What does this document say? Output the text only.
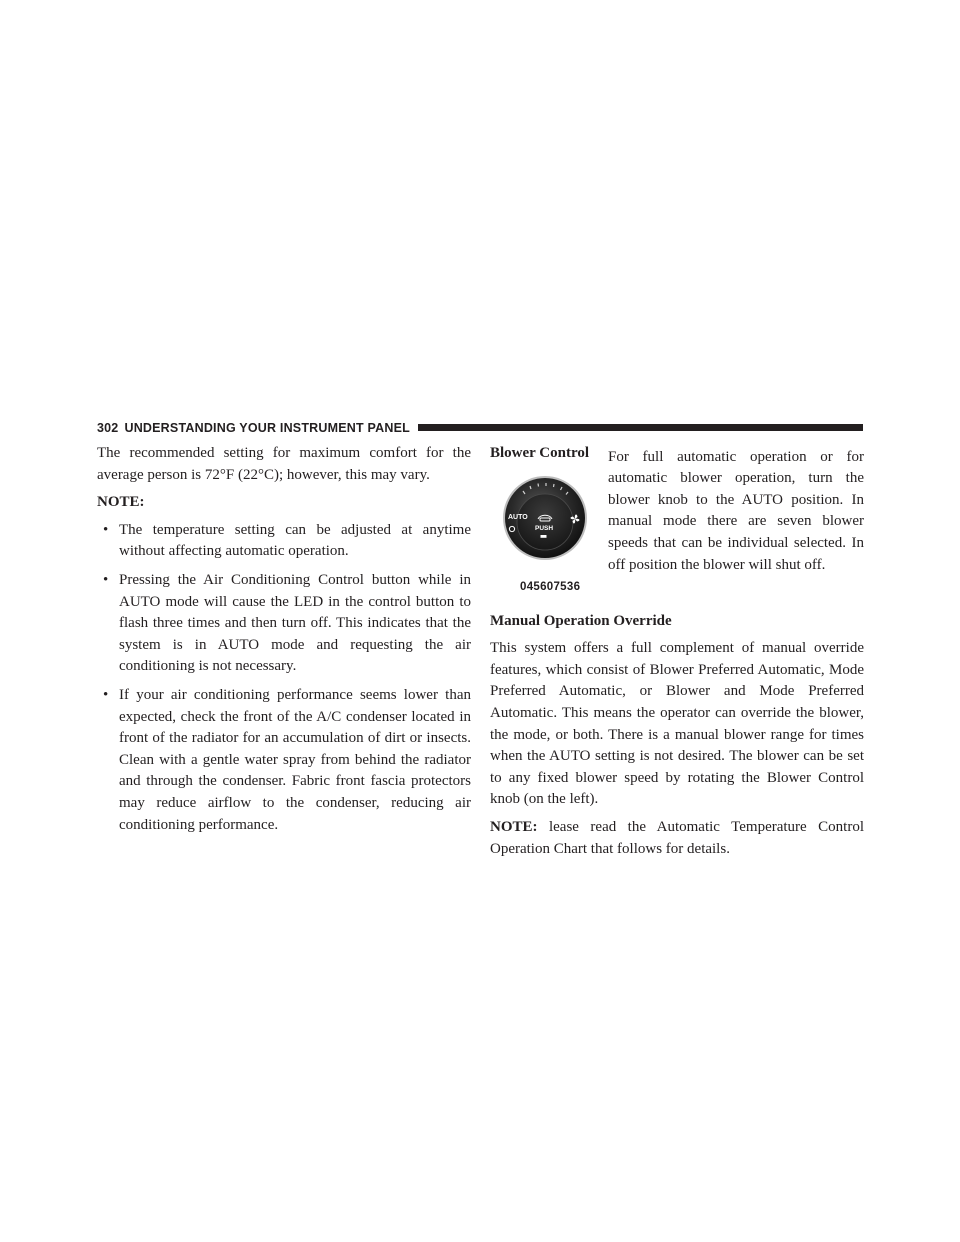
302 UNDERSTANDING YOUR INSTRUMENT PANEL

The recommended setting for maximum comfort for the average person is 72°F (22°C); however, this may vary.

NOTE:

• The temperature setting can be adjusted at anytime without affecting automatic operation.
• Pressing the Air Conditioning Control button while in AUTO mode will cause the LED in the control button to flash three times and then turn off. This indicates that the system is in AUTO mode and requesting the air conditioning is not necessary.
• If your air conditioning performance seems lower than expected, check the front of the A/C condenser located in front of the radiator for an accumulation of dirt or insects. Clean with a gentle water spray from behind the radiator and through the condenser. Fabric front fascia protectors may reduce airflow to the condenser, reducing air conditioning performance.
Blower Control
AUTO
PUSH
045607536

For full automatic operation or for automatic blower operation, turn the blower knob to the AUTO position. In manual mode there are seven blower speeds that can be individual selected. In off position the blower will shut off.

Manual Operation Override

This system offers a full complement of manual override features, which consist of Blower Preferred Automatic, Mode Preferred Automatic, or Blower and Mode Preferred Automatic. This means the operator can override the blower, the mode, or both. There is a manual blower range for times when the AUTO setting is not desired. The blower can be set to any fixed blower speed by rotating the Blower Control knob (on the left).

NOTE: lease read the Automatic Temperature Control Operation Chart that follows for details.
